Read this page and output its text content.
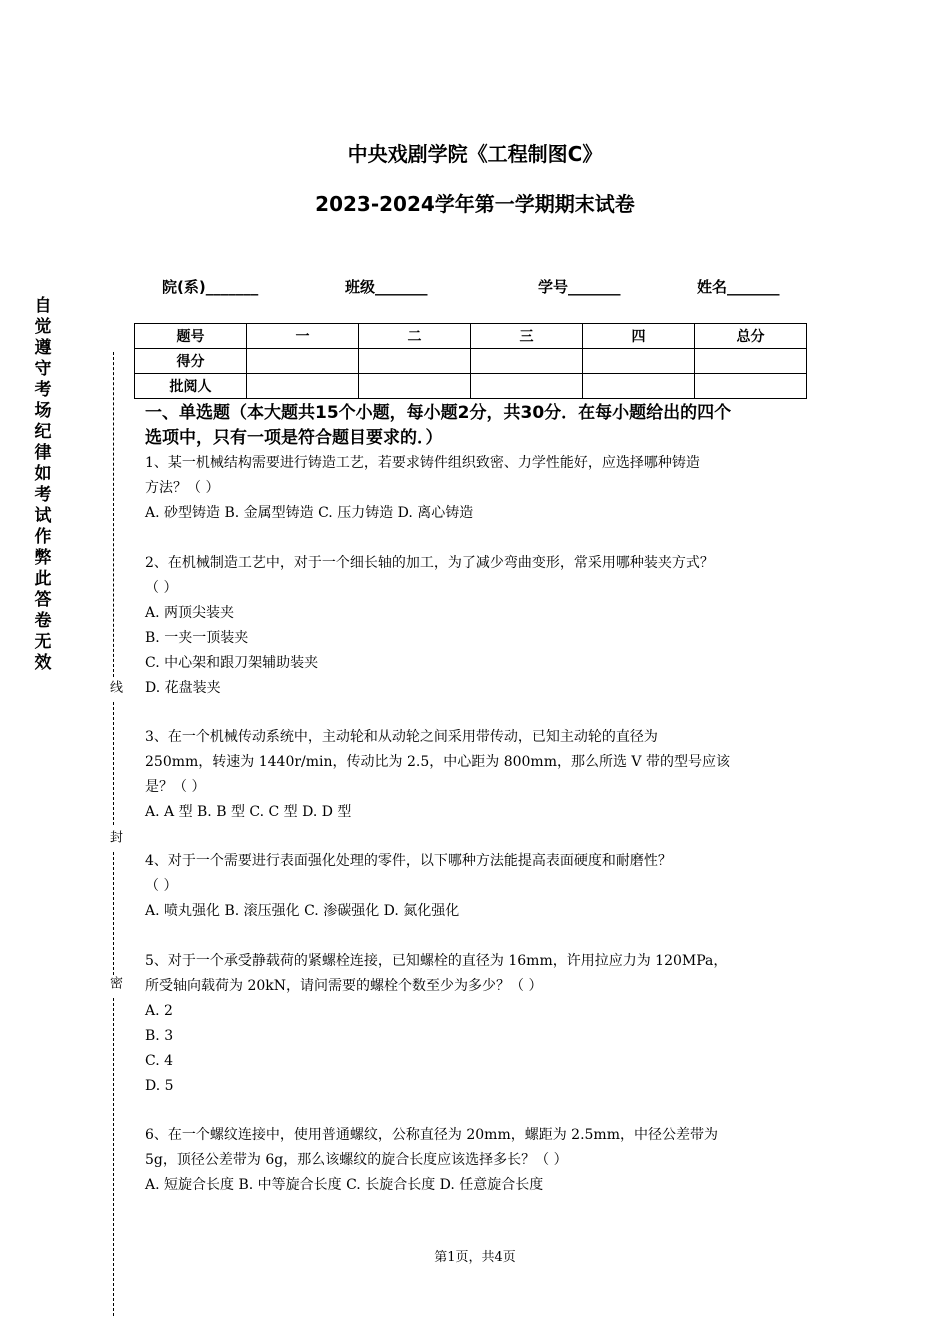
中央戏剧学院《工程制图C》
2023-2024学年第一学期期末试卷
院(系)_______	班级_______	学号_______	姓名_______
自觉遵守考场纪律如考试作弊此答卷无效
线
封
密
题号	一	二	三	四	总分
得分					
批阅人					
一、单选题（本大题共15个小题，每小题2分，共30分．在每小题给出的四个
选项中，只有一项是符合题目要求的．）
1、某一机械结构需要进行铸造工艺，若要求铸件组织致密、力学性能好，应选择哪种铸造
方法？（ ）
A. 砂型铸造 B. 金属型铸造 C. 压力铸造 D. 离心铸造
2、在机械制造工艺中，对于一个细长轴的加工，为了减少弯曲变形，常采用哪种装夹方式？
（ ）
A. 两顶尖装夹
B. 一夹一顶装夹
C. 中心架和跟刀架辅助装夹
D. 花盘装夹
3、在一个机械传动系统中，主动轮和从动轮之间采用带传动，已知主动轮的直径为
250mm，转速为 1440r/min，传动比为 2.5，中心距为 800mm，那么所选 V 带的型号应该
是？（ ）
A. A 型 B. B 型 C. C 型 D. D 型
4、对于一个需要进行表面强化处理的零件，以下哪种方法能提高表面硬度和耐磨性？
（ ）
A. 喷丸强化 B. 滚压强化 C. 渗碳强化 D. 氮化强化
5、对于一个承受静载荷的紧螺栓连接，已知螺栓的直径为 16mm，许用拉应力为 120MPa，
所受轴向载荷为 20kN，请问需要的螺栓个数至少为多少？（ ）
A. 2
B. 3
C. 4
D. 5
6、在一个螺纹连接中，使用普通螺纹，公称直径为 20mm，螺距为 2.5mm，中径公差带为
5g，顶径公差带为 6g，那么该螺纹的旋合长度应该选择多长？（ ）
A. 短旋合长度 B. 中等旋合长度 C. 长旋合长度 D. 任意旋合长度
第1页，共4页
